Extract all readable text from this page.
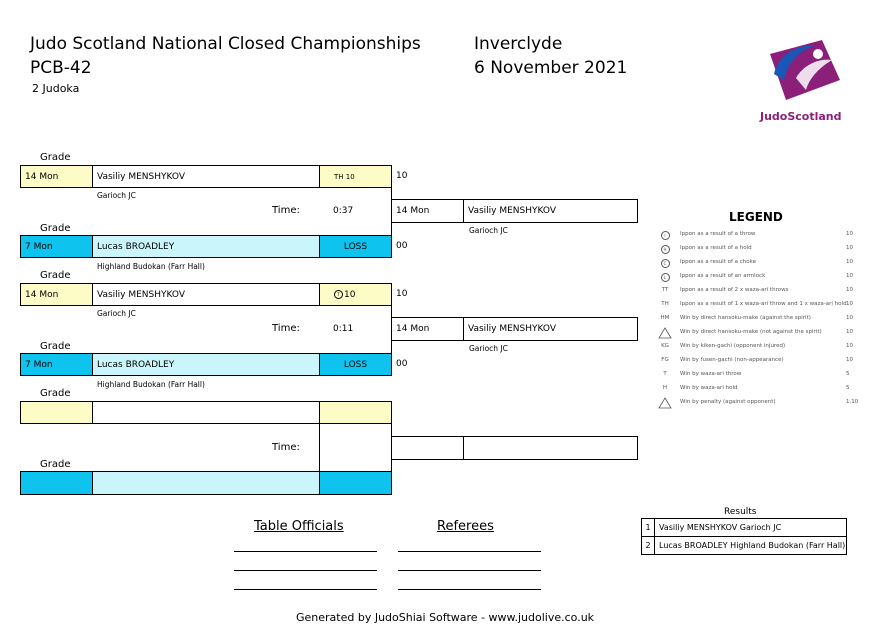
Judo Scotland National Closed Championships
PCB-42
2 Judoka
Inverclyde
6 November 2021
JudoScotland
Grade
14 Mon	Vasiliy MENSHYKOV	TH 10	10
Garioch JC
Time:	0:37
Grade
7 Mon	Lucas BROADLEY	LOSS	00
Highland Budokan (Farr Hall)
14 Mon	Vasiliy MENSHYKOV
Garioch JC
Grade
14 Mon	Vasiliy MENSHYKOV	T 10	10
Garioch JC
Time:	0:11
Grade
7 Mon	Lucas BROADLEY	LOSS	00
Highland Budokan (Farr Hall)
14 Mon	Vasiliy MENSHYKOV
Garioch JC
Grade
Time:
Grade
LEGEND
I	Ippon as a result of a throw	10
H	Ippon as a result of a hold	10
C	Ippon as a result of a choke	10
L	Ippon as a result of an armlock	10
TT	Ippon as a result of 2 x waza-ari throws	10
TH	Ippon as a result of 1 x waza-ari throw and 1 x waza-ari hold 10
HM	Win by direct hansoku-make (against the spirit)	10
Win by direct hansoku-make (not against the spirit)	10
KG	Win by kiken-gachi (opponent injured)	10
FG	Win by fusen-gachi (non-appearance)	10
T	Win by waza-ari throw	5
H	Win by waza-ari hold	5
Win by penalty (against opponent)	1,10
Results
1	Vasiliy MENSHYKOV Garioch JC
2	Lucas BROADLEY Highland Budokan (Farr Hall)
Table Officials	Referees
Generated by JudoShiai Software - www.judolive.co.uk
